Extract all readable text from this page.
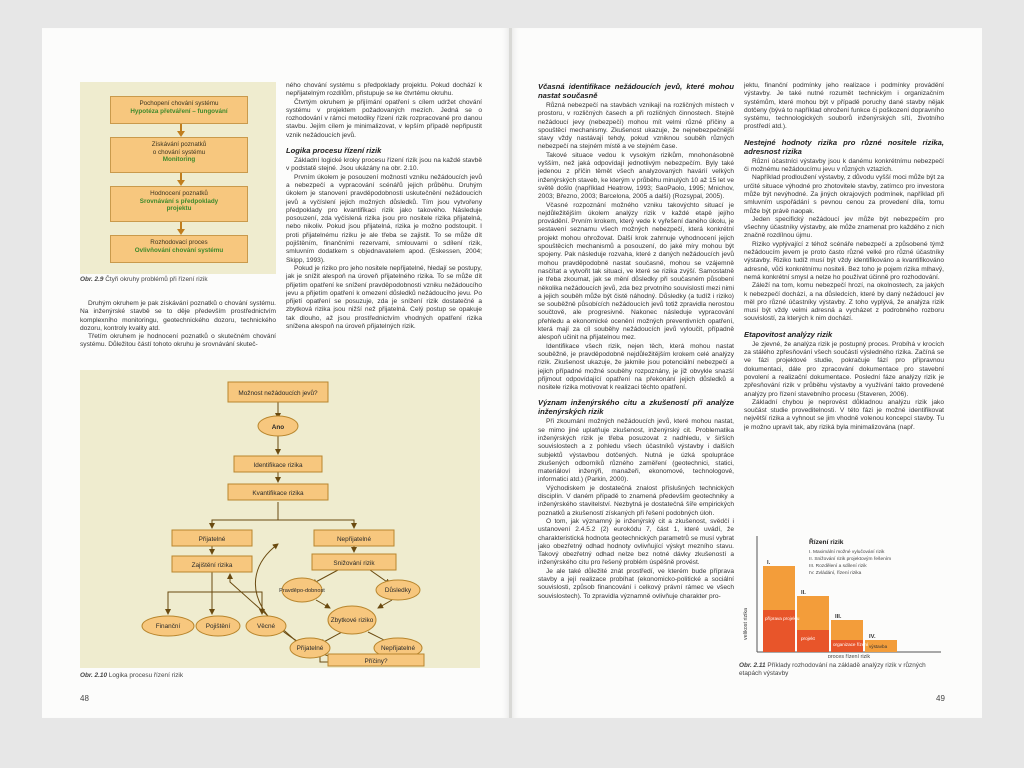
Pochopení chování systému
Hypotéza přetváření – fungování
Získávání poznatků
o chování systému
Monitoring
Hodnocení poznatků
Srovnávání s předpoklady
projektu
Rozhodovací proces
Ovlivňování chování systému
Obr. 2.9 Čtyři okruhy problémů při řízení rizik

Druhým okruhem je pak získávání poznatků o chování systému. Na inženýrské stavbě se to děje především prostřednictvím komplexního monitoringu, geotechnického dozoru, technického dozoru, kontroly kvality atd.

Třetím okruhem je hodnocení poznatků o skutečném chování systému. Důležitou částí tohoto okruhu je srovnávání skuteč-

ného chování systému s předpoklady projektu. Pokud dochází k nepřijatelným rozdílům, přistupuje se ke čtvrtému okruhu.

Čtvrtým okruhem je přijímání opatření s cílem udržet chování systému v projektem požadovaných mezích. Jedná se o rozhodování v rámci metodiky řízení rizik rozpracované pro danou stavbu. Jejím cílem je minimalizovat, v lepším případě nepřipustit vznik nežádoucích jevů.

Logika procesu řízení rizik

Základní logické kroky procesu řízení rizik jsou na každé stavbě v podstatě stejné. Jsou ukázány na obr. 2.10.

Prvním úkolem je posouzení možností vzniku nežádoucích jevů a nebezpečí a vypracování scénářů jejich průběhu. Druhým úkolem je stanovení pravděpodobnosti uskutečnění nežádoucích jevů a vyčíslení jejich možných důsledků. Tím jsou vytvořeny předpoklady pro kvantifikaci rizik jako takového. Následuje posouzení, zda vyčíslená rizika jsou pro nositele rizika přijatelná, nebo nikoliv. Pokud jsou přijatelná, rizika je možno podstoupit. I proti přijatelnému riziku je ale třeba se zajistit. To se může dít pojištěním, finančními rezervami, smlouvami o sdílení rizik, smluvním dodatkem s objednavatelem apod. (Eskessen, 2004; Skipp, 1993).

Pokud je riziko pro jeho nositele nepřijatelné, hledají se postupy, jak je snížit alespoň na úroveň přijatelného rizika. To se může dít přijetím opatření ke snížení pravděpodobnosti vzniku nežádoucího jevu a přijetím opatření k omezení důsledků nežádoucího jevu. Po přijetí opatření se posuzuje, zda je snížení rizik dostatečné a zbytková rizika jsou nižší než přijatelná. Celý postup se opakuje tak dlouho, až jsou prostřednictvím vhodných opatření rizika snížena alespoň na úroveň přijatelných rizik.

Možnost nežádoucích jevů?
Ano
Identifikace rizika
Kvantifikace rizika
Přijatelné	Nepřijatelné
Zajištění rizika	Snižování rizik
Pravděpo-dobnost	Důsledky
Zbytkové riziko
Finanční	Pojištění	Věcné
Přijatelné	Nepřijatelné
Příčiny?
Obr. 2.10 Logika procesu řízení rizik
48
Včasná identifikace nežádoucích jevů, které mohou nastat současně

Různá nebezpečí na stavbách vznikají na rozličných místech v prostoru, v rozličných časech a při rozličných činnostech. Stejně nežádoucí jevy (nebezpečí) mohou mít velmi různé příčiny a spouštěcí mechanismy. Zkušenost ukazuje, že nejnebezpečnější stavy vždy nastávají tehdy, pokud vzniknou souběh různých nebezpečí na stejném místě a ve stejném čase.

Takové situace vedou k vysokým rizikům, mnohonásobně vyšším, než jaká odpovídají jednotlivým nebezpečím. Byly také jedenou z příčin těmět všech analyzovaných havárií velkých inženýrských staveb, ke kterým v průběhu minulých 10 až 15 let ve světě došlo (například Heatrow, 1993; SaoPaolo, 1995; Mnichov, 2003; Březno, 2003; Barcelona, 2005 a další) (Rozsypal, 2005).

Včasné rozpoznání možného vzniku takovýchto situací je nejdůležitějším úkolem analýzy rizik v každé etapě jejího provádění. Prvním krokem, který vede k vyřešení daného úkolu, je sestavení seznamu všech možných nebezpečí, která konkrétní projekt mohou ohrožovat. Další krok zahrnuje vyhodnocení jejich spouštěcích mechanismů a posouzení, do jaké míry mohou být spojeny. Pak následuje rozvaha, které z daných nežádoucích jevů mohou pravděpodobně nastat současně, mohou se vzájemně nasčítat a vytvořit tak situaci, ve které se rizika zvýší. Samostatně je třeba zkoumat, jak se mění důsledky při současném působení několika nežádoucích jevů, zda bez prvotního souvislostí mezi nimi a jejich souběh může být čistě náhodný. Důsledky (a tudíž i riziko) se souběžně působících nežádoucích jevů totiž zpravidla nerostou součtově, ale progresivně. Nakonec následuje vypracování přehledu a ekonomické ocenění možných preventivních opatření, která mají za cíl souběhy nežádoucích jevů vyloučit, případně alespoň učinit na přijatelnou mez.

Identifikace všech rizik, nejen těch, která mohou nastat souběžně, je pravděpodobně nejdůležitějším krokem celé analýzy rizik. Zkušenost ukazuje, že jakmile jsou potenciální nebezpečí a jejich případné možné souběhy rozpoznány, je již obvykle snazší přijmout odpovídající opatření na překonání jejich důsledků a nositele rizika motivovat k realizaci těchto opatření.

Význam inženýrského citu a zkušeností při analýze inženýrských rizik

Při zkoumání možných nežádoucích jevů, které mohou nastat, se mimo jiné uplatňuje zkušenost, inženýrský cit. Problematika inženýrských rizik je třeba posuzovat z nadhledu, v širších souvislostech a z pohledu všech účastníků výstavby i dalších subjektů výstavbou dotčených. Nutná je úzká spolupráce zkušených odborníků různého zaměření (geotechnici, statici, materiáloví inženýři, manažeři, ekonomové, technologové, informatici atd.) (Parkin, 2000).

Východiskem je dostatečná znalost příslušných technických disciplín. V daném případě to znamená především geotechniky a inženýrského stavitelství. Nezbytná je dostatečná šíře empirických poznatků a zkušeností získaných při řešení podobných úloh.

O tom, jak významný je inženýrský cit a zkušenost, svědčí i ustanovení 2.4.5.2 (2) eurokódu 7, část 1, které uvádí, že charakteristická hodnota geotechnických parametrů se musí vybrat jako obezřetný odhad hodnoty ovlivňující výskyt mezního stavu. Takový obezřetný odhad nelze bez notné dávky zkušeností a inženýrského citu pro řešený problém úspěšně provést.

Je ale také důležité znát prostředí, ve kterém bude příprava stavby a její realizace probíhat (ekonomicko-politické a sociální souvislosti, způsob financování i celkový právní rámec ve všech souvislostech). To zpravidla významně ovlivňuje charakter pro-

jektu, finanční podmínky jeho realizace i podmínky provádění výstavby. Je také nutné rozumět technickým i organizačním systémům, které mohou být v případě poruchy dané stavby nějak dotčeny (bývá to například ohrožení funkce či poškození dopravního systému, technologických souborů inženýrských sítí, životního prostředí atd.).

Nestejné hodnoty rizika pro různé nositele rizika, adresnost rizika

Různí účastníci výstavby jsou k danému konkrétnímu nebezpečí či možnému nežádoucímu jevu v různých vztazích.

Například prodloužení výstavby, z důvodu vyšší moci může být za určité situace výhodné pro zhotovitele stavby, zatímco pro investora může být nevýhodné. Za jiných okrajových podmínek, například při smluvním uspořádání s pevnou cenou za provedení díla, tomu může být právě naopak.

Jeden specifický nežádoucí jev může být nebezpečím pro všechny účastníky výstavby, ale může znamenat pro každého z nich značně rozdílnou újmu.

Riziko vyplývající z téhož scénáře nebezpečí a způsobené týmž nežádoucím jevem je proto často různé velké pro různé účastníky výstavby. Riziko tudíž musí být vždy identifikováno a kvantifikováno adresně, vůči konkrétnímu nositeli. Bez toho je pojem rizika mlhavý, nemá konkrétní smysl a nelze ho používat účinně pro rozhodování.

Záleží na tom, komu nebezpečí hrozí, na okolnostech, za jakých k nebezpečí dochází, a na důsledcích, které by daný nežádoucí jev měl pro různé účastníky výstavby. Z toho vyplývá, že analýza rizik musí být vždy velmi adresná a vycházet z podrobného rozboru souvislostí, za kterých k nim dochází.

Etapovitost analýzy rizik

Je zjevné, že analýza rizik je postupný proces. Probíhá v krocích za stálého zpřesňování všech součástí výsledného rizika. Začíná se ve fázi projektové studie, pokračuje fází pro přípravnou dokumentaci, dále pro zpracování dokumentace pro stavební povolení a realizační dokumentace. Poslední fáze analýzy rizik je zpřesňování rizik v průběhu výstavby a využívání takto provedené analýzy pro řízení stavebního procesu (Staveren, 2006).

Základní chybou je neprovést důkladnou analýzu rizik jako součást studie proveditelnosti. V této fázi je možné identifikovat největší rizika a vyhnout se jim vhodně volenou koncepcí stavby. Tu je možno upravit tak, aby riziká byla minimalizována (např.

velikost rizika
proces řízení rizik
I.
II.
III.
IV.
příprava projektu
projekt
organizace řízení výstavba
Řízení rizik
I. Maximální možné vylučování rizik
II. Snižování rizik projektovým řešením
III. Rozdělení a sdílení rizik
IV. Zvládání, řízení rizika
Obr. 2.11 Příklady rozhodování na základě analýzy rizik v různých etapách výstavby
49
